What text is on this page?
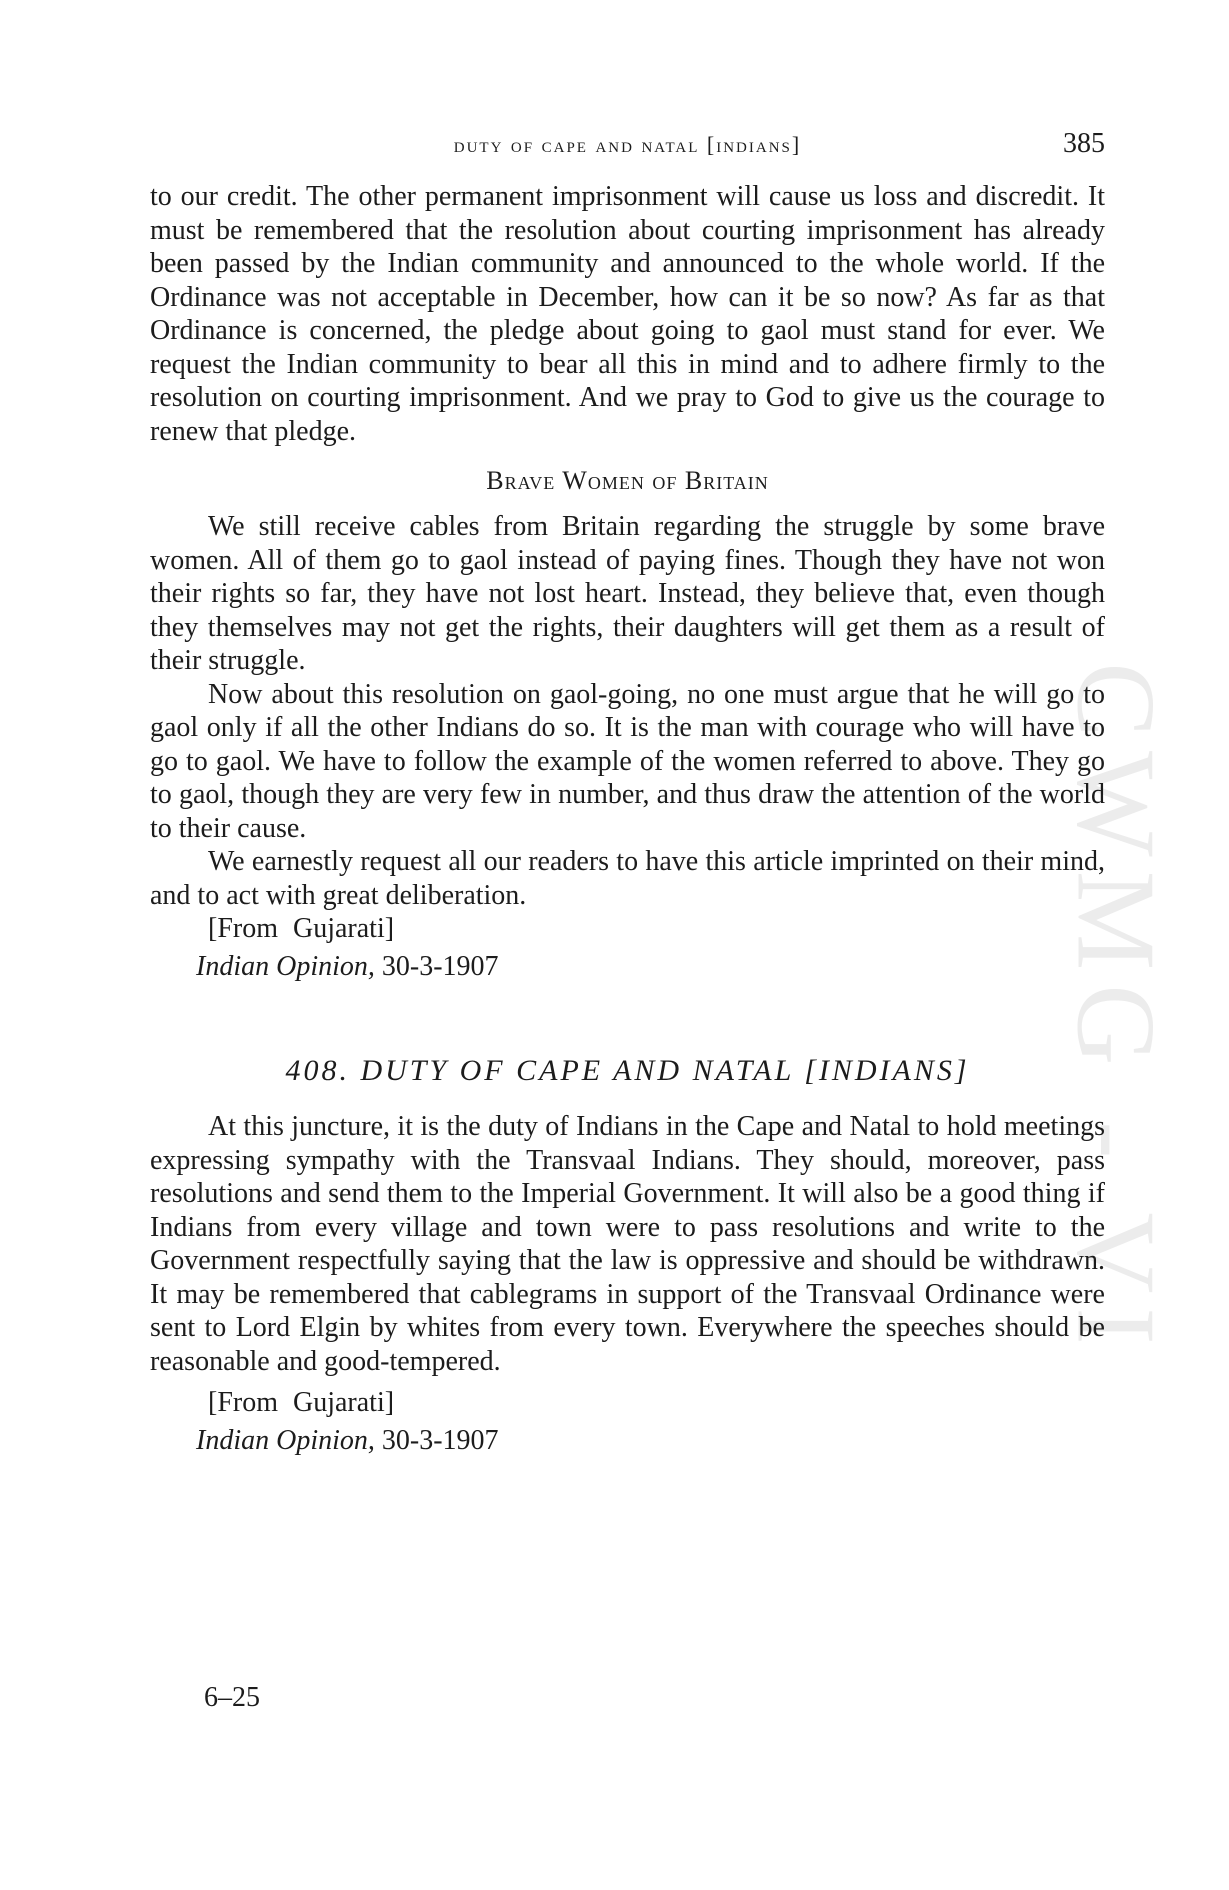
CWMG - VI
duty of cape and natal [indians]	385

to our credit. The other permanent imprisonment will cause us loss and discredit. It must be remembered that the resolution about courting imprisonment has already been passed by the Indian community and announced to the whole world. If the Ordinance was not acceptable in December, how can it be so now? As far as that Ordinance is concerned, the pledge about going to gaol must stand for ever. We request the Indian community to bear all this in mind and to adhere firmly to the resolution on courting imprisonment. And we pray to God to give us the courage to renew that pledge.

Brave Women of Britain

We still receive cables from Britain regarding the struggle by some brave women. All of them go to gaol instead of paying fines. Though they have not won their rights so far, they have not lost heart. Instead, they believe that, even though they themselves may not get the rights, their daughters will get them as a result of their struggle.

Now about this resolution on gaol-going, no one must argue that he will go to gaol only if all the other Indians do so. It is the man with courage who will have to go to gaol. We have to follow the example of the women referred to above. They go to gaol, though they are very few in number, and thus draw the attention of the world to their cause.

We earnestly request all our readers to have this article imprinted on their mind, and to act with great deliberation.

[From Gujarati]
Indian Opinion, 30-3-1907
408. DUTY OF CAPE AND NATAL [INDIANS]

At this juncture, it is the duty of Indians in the Cape and Natal to hold meetings expressing sympathy with the Transvaal Indians. They should, moreover, pass resolutions and send them to the Imperial Government. It will also be a good thing if Indians from every village and town were to pass resolutions and write to the Government respectfully saying that the law is oppressive and should be withdrawn. It may be remembered that cablegrams in support of the Transvaal Ordinance were sent to Lord Elgin by whites from every town. Everywhere the speeches should be reasonable and good-tempered.

[From Gujarati]
Indian Opinion, 30-3-1907
6–25
